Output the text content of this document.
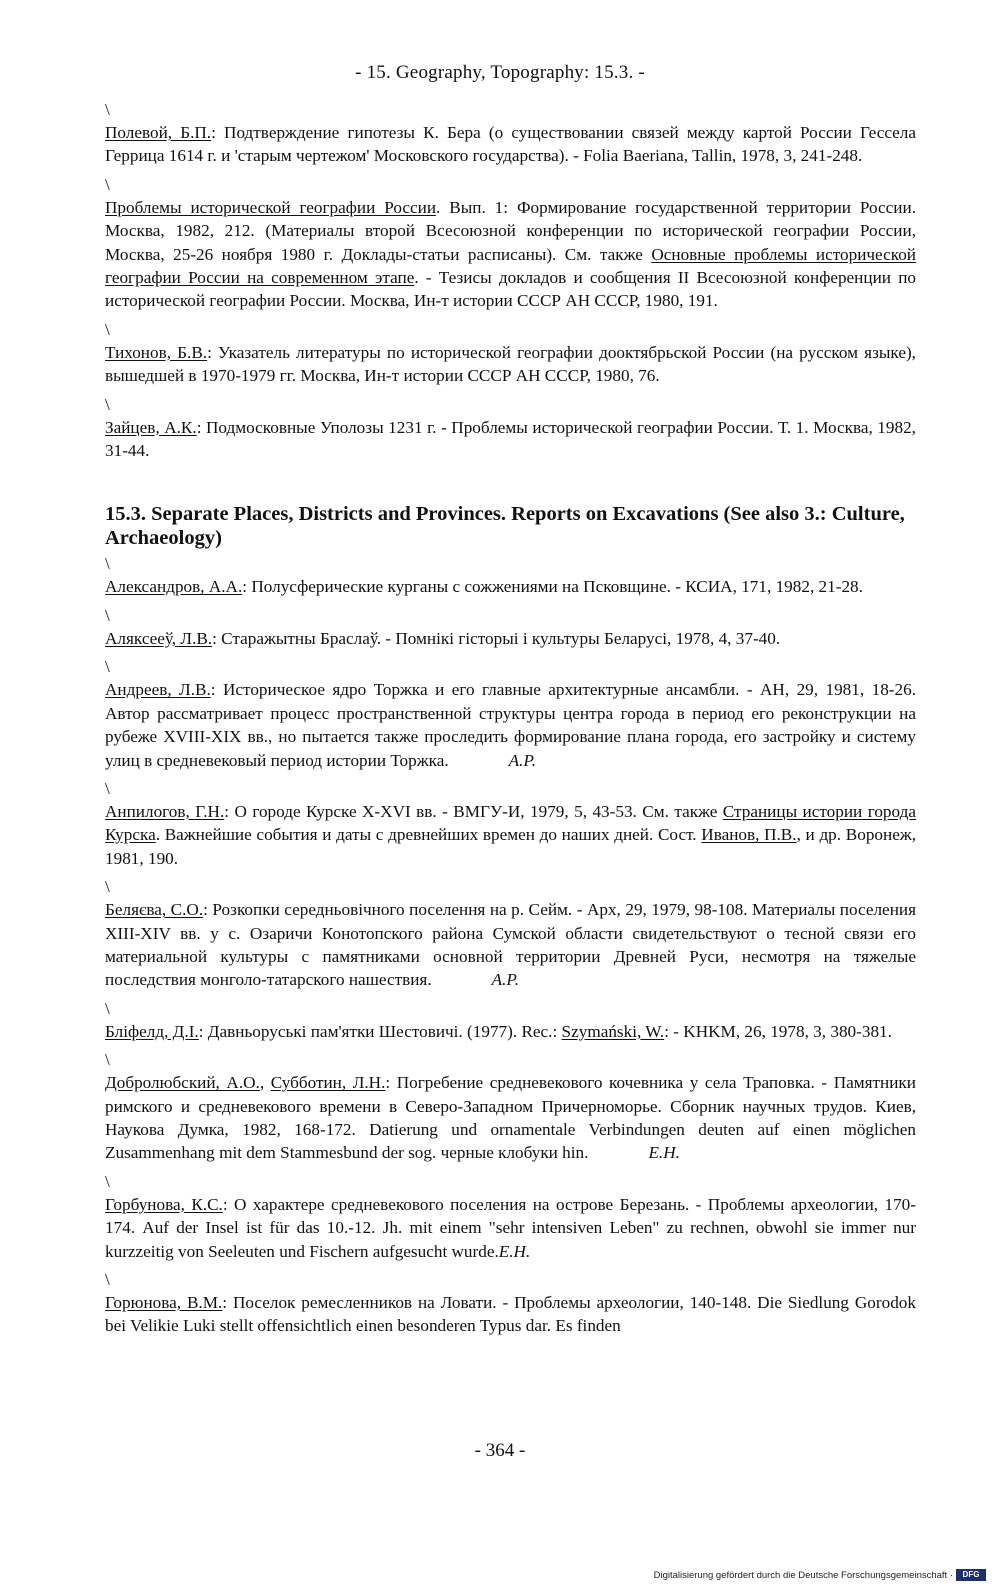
- 15. Geography, Topography: 15.3. -
\
Полевой, Б.П.: Подтверждение гипотезы К. Бера (о существовании связей между картой России Гессела Геррица 1614 г. и 'старым чертежом' Московского государства). - Folia Baeriana, Tallin, 1978, 3, 241-248.
\
Проблемы исторической географии России. Вып. 1: Формирование государственной территории России. Москва, 1982, 212. (Материалы второй Всесоюзной конференции по исторической географии России, Москва, 25-26 ноября 1980 г. Доклады-статьи расписаны). См. также Основные проблемы исторической географии России на современном этапе. - Тезисы докладов и сообщения II Всесоюзной конференции по исторической географии России. Москва, Ин-т истории СССР АН СССР, 1980, 191.
\
Тихонов, Б.В.: Указатель литературы по исторической географии дооктябрьской России (на русском языке), вышедшей в 1970-1979 гг. Москва, Ин-т истории СССР АН СССР, 1980, 76.
\
Зайцев, А.К.: Подмосковные Уполозы 1231 г. - Проблемы исторической географии России. Т. 1. Москва, 1982, 31-44.
15.3. Separate Places, Districts and Provinces. Reports on Excavations (See also 3.: Culture, Archaeology)
\
Александров, А.А.: Полусферические курганы с сожжениями на Псковщине. - КСИА, 171, 1982, 21-28.
\
Аляксееў, Л.В.: Старажытны Браслаў. - Помнікі гісторыі і культуры Беларусі, 1978, 4, 37-40.
\
Андреев, Л.В.: Историческое ядро Торжка и его главные архитектурные ансамбли. - АН, 29, 1981, 18-26. Автор рассматривает процесс пространственной структуры центра города в период его реконструкции на рубеже XVIII-XIX вв., но пытается также проследить формирование плана города, его застройку и систему улиц в средневековый период истории Торжка.	A.P.
\
Анпилогов, Г.Н.: О городе Курске X-XVI вв. - ВМГУ-И, 1979, 5, 43-53. См. также Страницы истории города Курска. Важнейшие события и даты с древнейших времен до наших дней. Сост. Иванов, П.В., и др. Воронеж, 1981, 190.
\
Беляєва, С.О.: Розкопки середньовічного поселення на р. Сейм. - Арх, 29, 1979, 98-108. Материалы поселения XIII-XIV вв. у с. Озаричи Конотопского района Сумской области свидетельствуют о тесной связи его материальной культуры с памятниками основной территории Древней Руси, несмотря на тяжелые последствия монголо-татарского нашествия.	A.P.
\
Бліфелд, Д.І.: Давньоруські пам'ятки Шестовичі. (1977). Rec.: Szymański, W.: - KHKM, 26, 1978, 3, 380-381.
\
Добролюбский, А.О., Субботин, Л.Н.: Погребение средневекового кочевника у села Траповка. - Памятники римского и средневекового времени в Северо-Западном Причерноморье. Сборник научных трудов. Киев, Наукова Думка, 1982, 168-172. Datierung und ornamentale Verbindungen deuten auf einen möglichen Zusammenhang mit dem Stammesbund der sog. черные клобуки hin.	E.H.
\
Горбунова, К.С.: О характере средневекового поселения на острове Березань. - Проблемы археологии, 170-174. Auf der Insel ist für das 10.-12. Jh. mit einem "sehr intensiven Leben" zu rechnen, obwohl sie immer nur kurzzeitig von Seeleuten und Fischern aufgesucht wurde.E.H.
\
Горюнова, В.М.: Поселок ремесленников на Ловати. - Проблемы археологии, 140-148. Die Siedlung Gorodok bei Velikie Luki stellt offensichtlich einen besonderen Typus dar. Es finden
- 364 -
Digitalisierung gefördert durch die Deutsche Forschungsgemeinschaft ·	DFG
